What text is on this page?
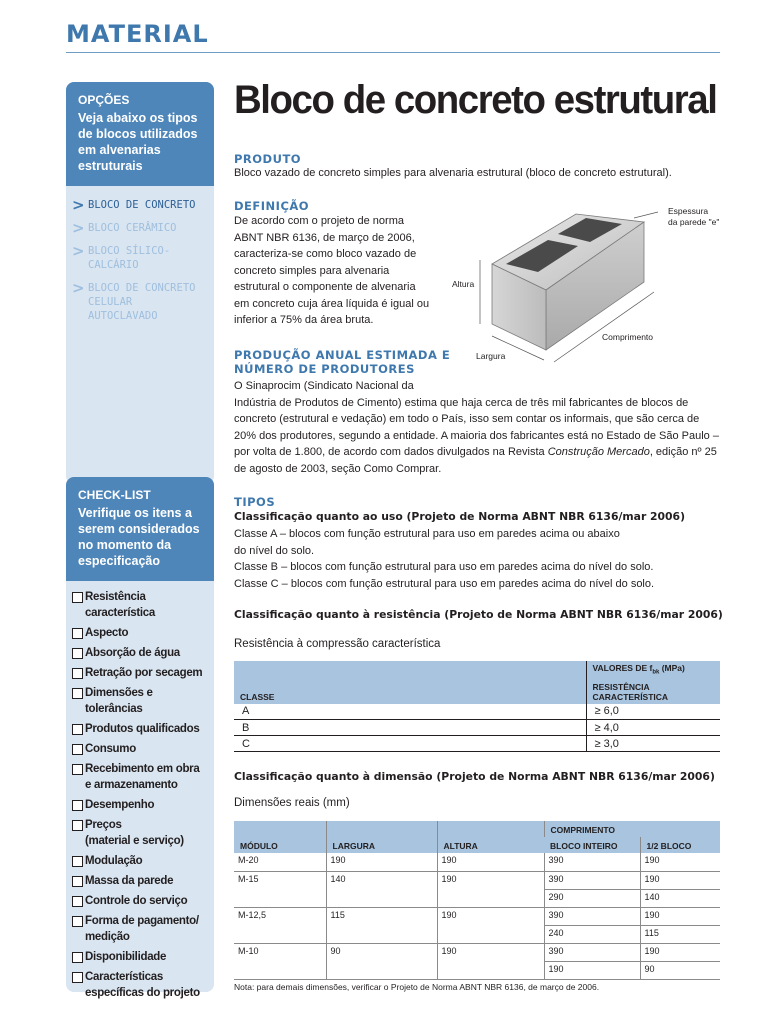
MATERIAL
OPÇÕES
Veja abaixo os tipos de blocos utilizados em alvenarias estruturais
> BLOCO DE CONCRETO
> BLOCO CERÂMICO
> BLOCO SÍLICO-CALCÁRIO
> BLOCO DE CONCRETO CELULAR AUTOCLAVADO
CHECK-LIST
Verifique os itens a serem considerados no momento da especificação
Resistência característica
Aspecto
Absorção de água
Retração por secagem
Dimensões e tolerâncias
Produtos qualificados
Consumo
Recebimento em obra
e armazenamento
Desempenho
Preços
(material e serviço)
Modulação
Massa da parede
Controle do serviço
Forma de pagamento/
medição
Disponibilidade
Características
específicas do projeto
Bloco de concreto estrutural
PRODUTO
Bloco vazado de concreto simples para alvenaria estrutural (bloco de concreto estrutural).
DEFINIÇÃO
De acordo com o projeto de norma
ABNT NBR 6136, de março de 2006,
caracteriza-se como bloco vazado de
concreto simples para alvenaria
estrutural o componente de alvenaria
em concreto cuja área líquida é igual ou
inferior a 75% da área bruta.
Espessura
da parede "e"
Altura
Largura
Comprimento
PRODUÇÃO ANUAL ESTIMADA E
NÚMERO DE PRODUTORES
O Sinaprocim (Sindicato Nacional da
Indústria de Produtos de Cimento) estima que haja cerca de três mil fabricantes de blocos de concreto (estrutural e vedação) em todo o País, isso sem contar os informais, que são cerca de 20% dos produtores, segundo a entidade. A maioria dos fabricantes está no Estado de São Paulo – por volta de 1.800, de acordo com dados divulgados na Revista Construção Mercado, edição nº 25 de agosto de 2003, seção Como Comprar.
TIPOS
Classificação quanto ao uso (Projeto de Norma ABNT NBR 6136/mar 2006)
Classe A – blocos com função estrutural para uso em paredes acima ou abaixo
do nível do solo.
Classe B – blocos com função estrutural para uso em paredes acima do nível do solo.
Classe C – blocos com função estrutural para uso em paredes acima do nível do solo.
Classificação quanto à resistência (Projeto de Norma ABNT NBR 6136/mar 2006)
Resistência à compressão característica
CLASSE	VALORES DE $f_{bk}$ (MPa)
RESISTÊNCIA CARACTERÍSTICA

A	≥ 6,0
B	≥ 4,0
C	≥ 3,0
Classificação quanto à dimensão (Projeto de Norma ABNT NBR 6136/mar 2006)
Dimensões reais (mm)
MÓDULO	LARGURA	ALTURA	COMPRIMENTO	
			BLOCO INTEIRO	1/2 BLOCO
M-20	190	190	390	190
M-15	140	190	390	190
			290	140
M-12,5	115	190	390	190
			240	115
M-10	90	190	390	190
			190	90
Nota: para demais dimensões, verificar o Projeto de Norma ABNT NBR 6136, de março de 2006.
